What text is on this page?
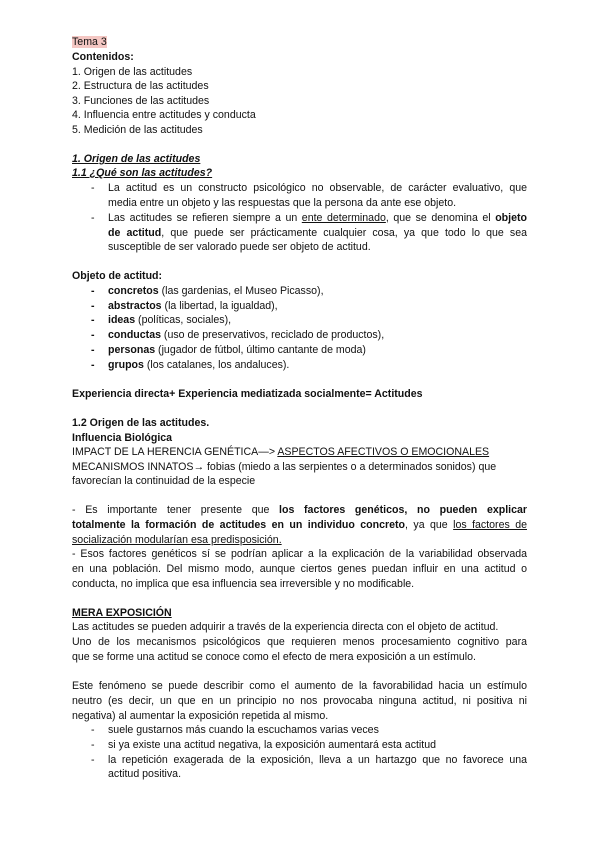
Tema 3
Contenidos:
1. Origen de las actitudes
2. Estructura de las actitudes
3. Funciones de las actitudes
4. Influencia entre actitudes y conducta
5. Medición de las actitudes
1. Origen de las actitudes
1.1 ¿Qué son las actitudes?
- La actitud es un constructo psicológico no observable, de carácter evaluativo, que
media entre un objeto y las respuestas que la persona da ante ese objeto.
- Las actitudes se refieren siempre a un ente determinado, que se denomina el objeto
de actitud, que puede ser prácticamente cualquier cosa, ya que todo lo que sea
susceptible de ser valorado puede ser objeto de actitud.
Objeto de actitud:
- concretos (las gardenias, el Museo Picasso),
- abstractos (la libertad, la igualdad),
- ideas (políticas, sociales),
- conductas (uso de preservativos, reciclado de productos),
- personas (jugador de fútbol, último cantante de moda)
- grupos (los catalanes, los andaluces).
Experiencia directa+ Experiencia mediatizada socialmente= Actitudes
1.2 Origen de las actitudes.
Influencia Biológica
IMPACT DE LA HERENCIA GENÉTICA—> ASPECTOS AFECTIVOS O EMOCIONALES
MECANISMOS INNATOS→ fobias (miedo a las serpientes o a determinados sonidos) que
favorecían la continuidad de la especie
- Es importante tener presente que los factores genéticos, no pueden explicar
totalmente la formación de actitudes en un individuo concreto, ya que los factores de
socialización modularían esa predisposición.
- Esos factores genéticos sí se podrían aplicar a la explicación de la variabilidad observada
en una población. Del mismo modo, aunque ciertos genes puedan influir en una actitud o
conducta, no implica que esa influencia sea irreversible y no modificable.
MERA EXPOSICIÓN
Las actitudes se pueden adquirir a través de la experiencia directa con el objeto de actitud.
Uno de los mecanismos psicológicos que requieren menos procesamiento cognitivo para
que se forme una actitud se conoce como el efecto de mera exposición a un estímulo.
Este fenómeno se puede describir como el aumento de la favorabilidad hacia un estímulo
neutro (es decir, un que en un principio no nos provocaba ninguna actitud, ni positiva ni
negativa) al aumentar la exposición repetida al mismo.
- suele gustarnos más cuando la escuchamos varias veces
- si ya existe una actitud negativa, la exposición aumentará esta actitud
- la repetición exagerada de la exposición, lleva a un hartazgo que no favorece una
actitud positiva.
